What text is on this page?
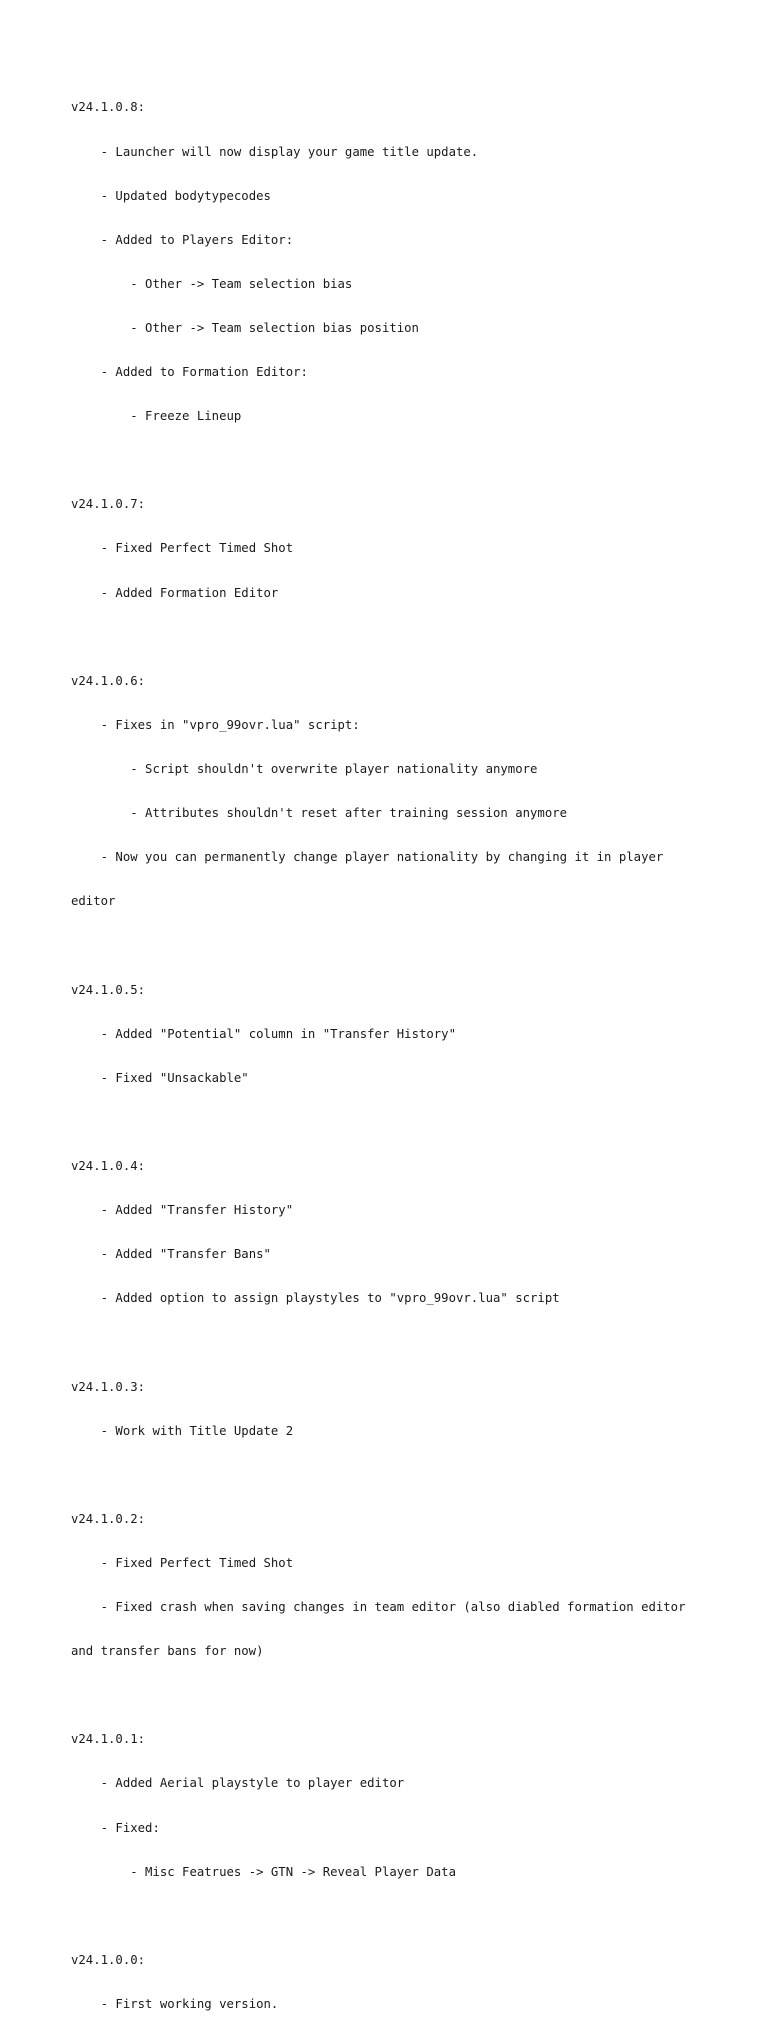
v24.1.0.8:

- Launcher will now display your game title update.

- Updated bodytypecodes

- Added to Players Editor:

- Other -> Team selection bias

- Other -> Team selection bias position

- Added to Formation Editor:

- Freeze Lineup

v24.1.0.7:

- Fixed Perfect Timed Shot

- Added Formation Editor

v24.1.0.6:

- Fixes in "vpro_99ovr.lua" script:

- Script shouldn't overwrite player nationality anymore

- Attributes shouldn't reset after training session anymore

- Now you can permanently change player nationality by changing it in player

editor

v24.1.0.5:

- Added "Potential" column in "Transfer History"

- Fixed "Unsackable"

v24.1.0.4:

- Added "Transfer History"

- Added "Transfer Bans"

- Added option to assign playstyles to "vpro_99ovr.lua" script

v24.1.0.3:

- Work with Title Update 2

v24.1.0.2:

- Fixed Perfect Timed Shot

- Fixed crash when saving changes in team editor (also diabled formation editor

and transfer bans for now)

v24.1.0.1:

- Added Aerial playstyle to player editor

- Fixed:

- Misc Featrues -> GTN -> Reveal Player Data

v24.1.0.0:

- First working version.
